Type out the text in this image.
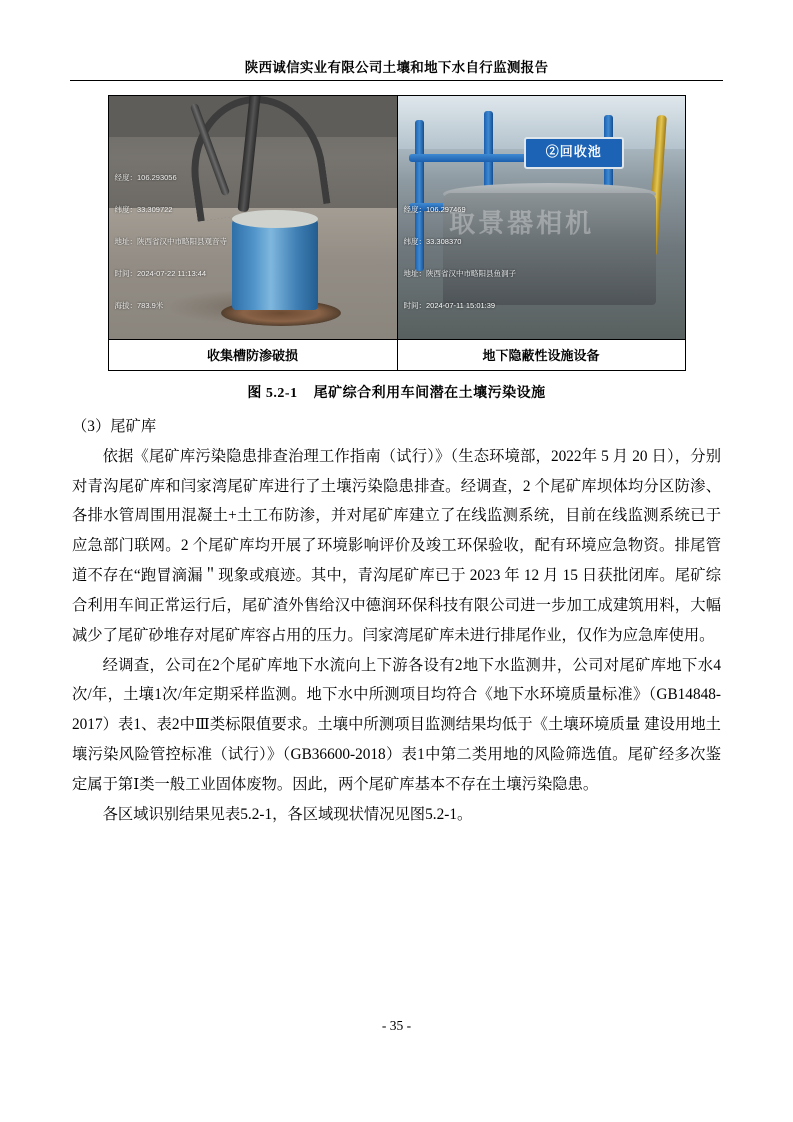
陕西诚信实业有限公司土壤和地下水自行监测报告

经度：106.293056

纬度：33.309722

地址：陕西省汉中市略阳县观音寺

时间：2024-07-22 11:13:44

海拔：783.9米

取景器相机
②回收池

经度：106.297469

纬度：33.308370

地址：陕西省汉中市略阳县鱼洞子

时间：2024-07-11 15:01:39

收集槽防渗破损	地下隐蔽性设施设备
图 5.2-1 尾矿综合利用车间潜在土壤污染设施

（3）尾矿库

依据《尾矿库污染隐患排查治理工作指南（试行）》（生态环境部，2022年 5 月 20 日），分别对青沟尾矿库和闫家湾尾矿库进行了土壤污染隐患排查。经调查，2 个尾矿库坝体均分区防渗、各排水管周围用混凝土+土工布防渗，并对尾矿库建立了在线监测系统，目前在线监测系统已于应急部门联网。2 个尾矿库均开展了环境影响评价及竣工环保验收，配有环境应急物资。排尾管道不存在“跑冒滴漏＂现象或痕迹。其中，青沟尾矿库已于 2023 年 12 月 15 日获批闭库。尾矿综合利用车间正常运行后，尾矿渣外售给汉中德润环保科技有限公司进一步加工成建筑用料，大幅减少了尾矿砂堆存对尾矿库容占用的压力。闫家湾尾矿库未进行排尾作业，仅作为应急库使用。

经调查，公司在2个尾矿库地下水流向上下游各设有2地下水监测井，公司对尾矿库地下水4次/年，土壤1次/年定期采样监测。地下水中所测项目均符合《地下水环境质量标准》（GB14848-2017）表1、表2中Ⅲ类标限值要求。土壤中所测项目监测结果均低于《土壤环境质量 建设用地土壤污染风险管控标准（试行）》（GB36600-2018）表1中第二类用地的风险筛选值。尾矿经多次鉴定属于第Ⅰ类一般工业固体废物。因此，两个尾矿库基本不存在土壤污染隐患。

各区域识别结果见表5.2-1，各区域现状情况见图5.2-1。

- 35 -
